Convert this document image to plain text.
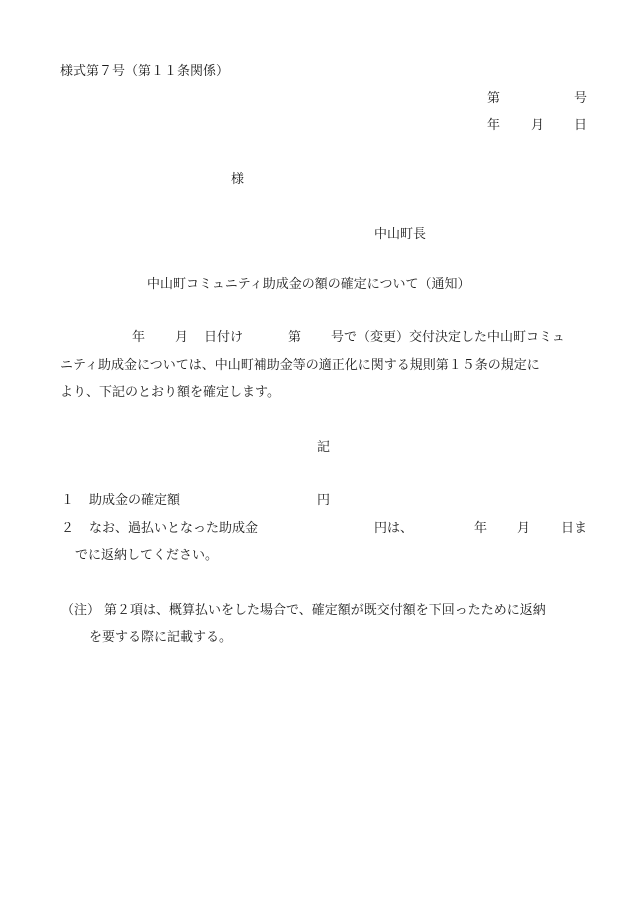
様式第７号（第１１条関係）
第	号
年 月 日
様
中山町長
中山町コミュニティ助成金の額の確定について（通知）
年 月 日付け	第 号で（変更）交付決定した中山町コミュ
ニティ助成金については、中山町補助金等の適正化に関する規則第１５条の規定に
より、下記のとおり額を確定します。
記
１ 助成金の確定額	円
２ なお、過払いとなった助成金	円は、	年 月 日ま
でに返納してください。
（注） 第２項は、概算払いをした場合で、確定額が既交付額を下回ったために返納
を要する際に記載する。
